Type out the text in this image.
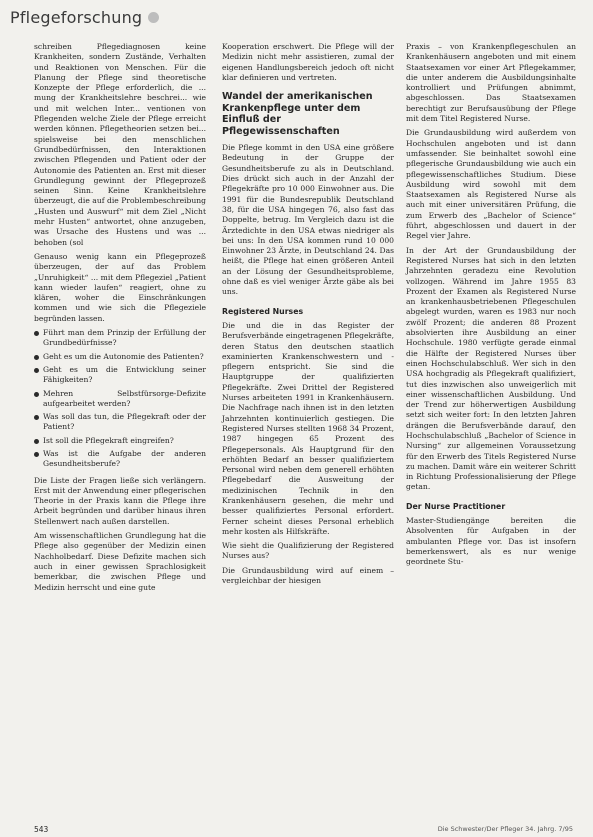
Pflegeforschung

schreiben Pflegediagnosen keine Krankheiten, sondern Zustände, Verhalten und Reaktionen von Menschen. Für die Planung der Pflege sind theoretische Konzepte der Pflege erforderlich, die ... mung der Krankheitslehre beschrei... wie und mit welchen Inter... ventionen von Pflegenden welche Ziele der Pflege erreicht werden können. Pflegetheorien setzen bei... spielsweise bei den menschlichen Grundbedürfnissen, den Interaktionen zwischen Pflegenden und Patient oder der Autonomie des Patienten an. Erst mit dieser Grundlegung gewinnt der Pflegeprozeß seinen Sinn. Keine Krankheitslehre überzeugt, die auf die Problembeschreibung „Husten und Auswurf“ mit dem Ziel „Nicht mehr Husten“ antwortet, ohne anzugeben, was Ursache des Hustens und was ... behoben (sol

Genauso wenig kann ein Pflegeprozeß überzeugen, der auf das Problem „Unruhigkeit“ ... mit dem Pflegeziel „Patient kann wieder laufen“ reagiert, ohne zu klären, woher die Einschränkungen kommen und wie sich die Pflegeziele begründen lassen.

Führt man dem Prinzip der Erfüllung der Grundbedürfnisse?
Geht es um die Autonomie des Patienten?
Geht es um die Entwicklung seiner Fähigkeiten?
Mehren Selbstfürsorge-Defizite aufgearbeitet werden?
Was soll das tun, die Pflegekraft oder der Patient?
Ist soll die Pflegekraft eingreifen?
Was ist die Aufgabe der anderen Gesundheitsberufe?

Die Liste der Fragen ließe sich verlängern. Erst mit der Anwendung einer pflegerischen Theorie in der Praxis kann die Pflege ihre Arbeit begründen und darüber hinaus ihren Stellenwert nach außen darstellen.

Am wissenschaftlichen Grundlegung hat die Pflege also gegenüber der Medizin einen Nachholbedarf. Diese Defizite machen sich auch in einer gewissen Sprachlosigkeit bemerkbar, die zwischen Pflege und Medizin herrscht und eine gute

Kooperation erschwert. Die Pflege will der Medizin nicht mehr assistieren, zumal der eigenen Handlungsbereich jedoch oft nicht klar definieren und vertreten.

Wandel der amerikanischen Krankenpflege unter dem Einfluß der Pflegewissenschaften

Die Pflege kommt in den USA eine größere Bedeutung in der Gruppe der Gesundheitsberufe zu als in Deutschland. Dies drückt sich auch in der Anzahl der Pflegekräfte pro 10 000 Einwohner aus. Die 1991 für die Bundesrepublik Deutschland 38, für die USA hingegen 76, also fast das Doppelte, betrug. Im Vergleich dazu ist die Ärztedichte in den USA etwas niedriger als bei uns: In den USA kommen rund 10 000 Einwohner 23 Ärzte, in Deutschland 24. Das heißt, die Pflege hat einen größeren Anteil an der Lösung der Gesundheitsprobleme, ohne daß es viel weniger Ärzte gäbe als bei uns.

Registered Nurses

Die und die in das Register der Berufsverbände eingetragenen Pflegekräfte, deren Status den deutschen staatlich examinierten Krankenschwestern und -pflegern entspricht. Sie sind die Hauptgruppe der qualifizierten Pflegekräfte. Zwei Drittel der Registered Nurses arbeiteten 1991 in Krankenhäusern. Die Nachfrage nach ihnen ist in den letzten Jahrzehnten kontinuierlich gestiegen. Die Registered Nurses stellten 1968 34 Prozent, 1987 hingegen 65 Prozent des Pflegepersonals. Als Hauptgrund für den erhöhten Bedarf an besser qualifiziertem Personal wird neben dem generell erhöhten Pflegebedarf die Ausweitung der medizinischen Technik in den Krankenhäusern gesehen, die mehr und besser qualifiziertes Personal erfordert. Ferner scheint dieses Personal erheblich mehr kosten als Hilfskräfte.

Wie sieht die Qualifizierung der Registered Nurses aus?

Die Grundausbildung wird auf einem – vergleichbar der hiesigen

Praxis – von Krankenpflegeschulen an Krankenhäusern angeboten und mit einem Staatsexamen vor einer Art Pflegekammer, die unter anderem die Ausbildungsinhalte kontrolliert und Prüfungen abnimmt, abgeschlossen. Das Staatsexamen berechtigt zur Berufsausübung der Pflege mit dem Titel Registered Nurse.

Die Grundausbildung wird außerdem von Hochschulen angeboten und ist dann umfassender. Sie beinhaltet sowohl eine pflegerische Grundausbildung wie auch ein pflegewissenschaftliches Studium. Diese Ausbildung wird sowohl mit dem Staatsexamen als Registered Nurse als auch mit einer universitären Prüfung, die zum Erwerb des „Bachelor of Science“ führt, abgeschlossen und dauert in der Regel vier Jahre.

In der Art der Grundausbildung der Registered Nurses hat sich in den letzten Jahrzehnten geradezu eine Revolution vollzogen. Während im Jahre 1955 83 Prozent der Examen als Registered Nurse an krankenhausbetriebenen Pflegeschulen abgelegt wurden, waren es 1983 nur noch zwölf Prozent; die anderen 88 Prozent absolvierten ihre Ausbildung an einer Hochschule. 1980 verfügte gerade einmal die Hälfte der Registered Nurses über einen Hochschulabschluß. Wer sich in den USA hochgradig als Pflegekraft qualifiziert, tut dies inzwischen also unweigerlich mit einer wissenschaftlichen Ausbildung. Und der Trend zur höherwertigen Ausbildung setzt sich weiter fort: In den letzten Jahren drängen die Berufsverbände darauf, den Hochschulabschluß „Bachelor of Science in Nursing“ zur allgemeinen Voraussetzung für den Erwerb des Titels Registered Nurse zu machen. Damit wäre ein weiterer Schritt in Richtung Professionalisierung der Pflege getan.

Der Nurse Practitioner

Master-Studiengänge bereiten die Absolventen für Aufgaben in der ambulanten Pflege vor. Das ist insofern bemerkenswert, als es nur wenige geordnete Stu-

543	Die Schwester/Der Pfleger 34. Jahrg. 7/95
